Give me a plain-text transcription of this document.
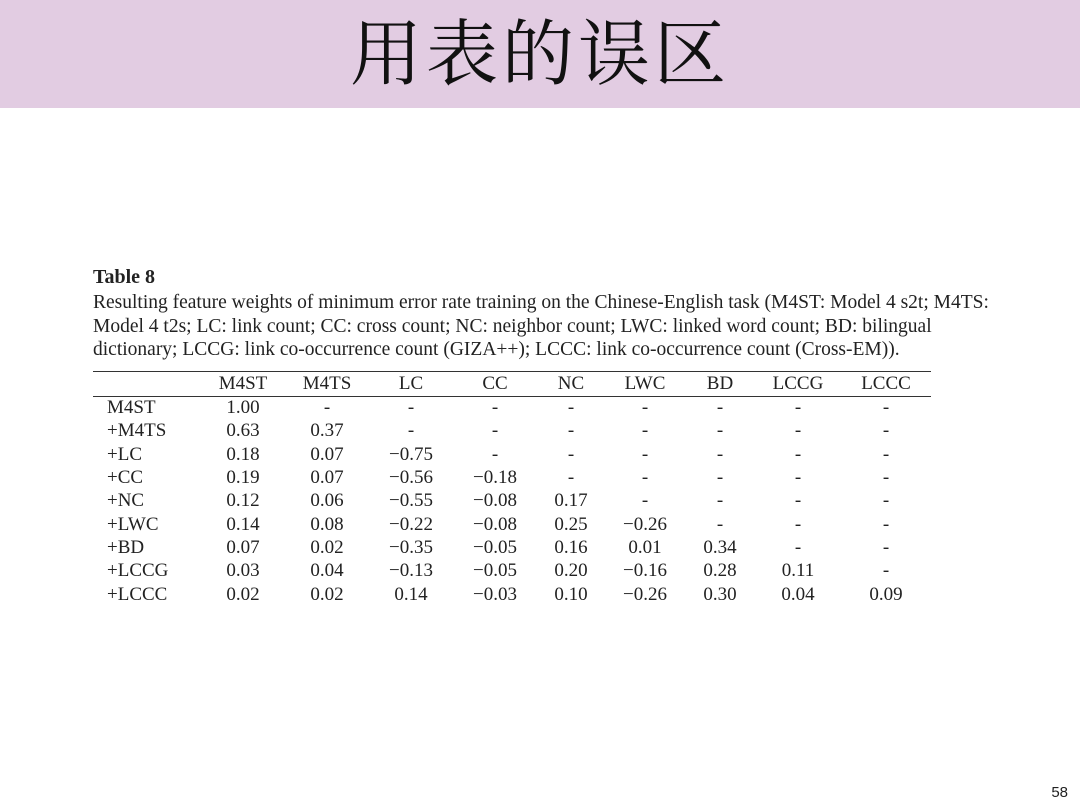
用表的误区

Table 8

Resulting feature weights of minimum error rate training on the Chinese-English task (M4ST: Model 4 s2t; M4TS: Model 4 t2s; LC: link count; CC: cross count; NC: neighbor count; LWC: linked word count; BD: bilingual dictionary; LCCG: link co-occurrence count (GIZA++); LCCC: link co-occurrence count (Cross-EM)).

	M4ST	M4TS	LC	CC	NC	LWC	BD	LCCG	LCCC
M4ST	1.00	-	-	-	-	-	-	-	-
+M4TS	0.63	0.37	-	-	-	-	-	-	-
+LC	0.18	0.07	−0.75	-	-	-	-	-	-
+CC	0.19	0.07	−0.56	−0.18	-	-	-	-	-
+NC	0.12	0.06	−0.55	−0.08	0.17	-	-	-	-
+LWC	0.14	0.08	−0.22	−0.08	0.25	−0.26	-	-	-
+BD	0.07	0.02	−0.35	−0.05	0.16	0.01	0.34	-	-
+LCCG	0.03	0.04	−0.13	−0.05	0.20	−0.16	0.28	0.11	-
+LCCC	0.02	0.02	0.14	−0.03	0.10	−0.26	0.30	0.04	0.09
58
